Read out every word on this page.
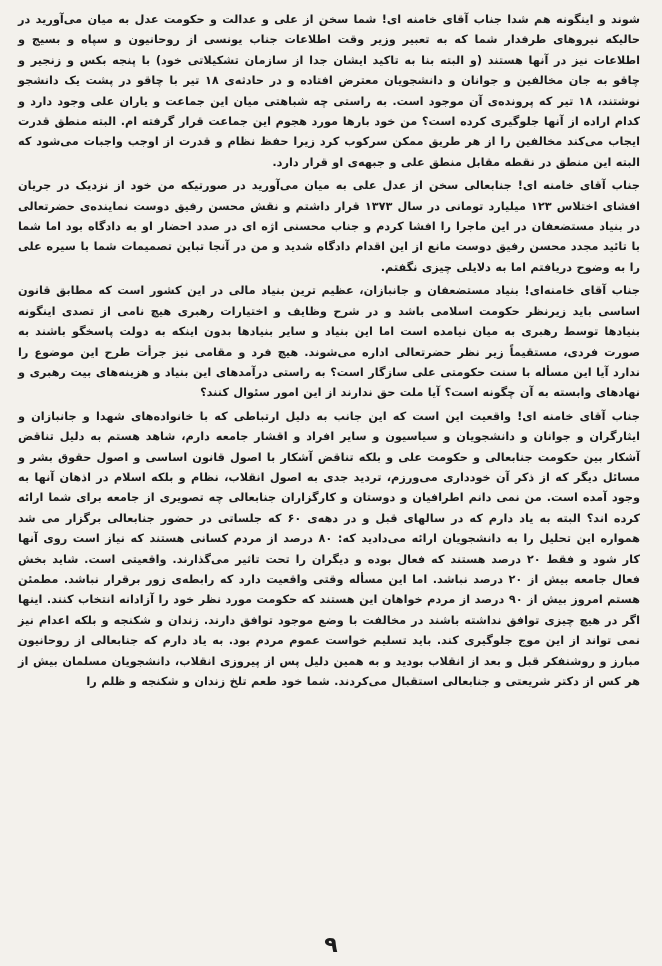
شوند و اینگونه هم شدا جناب آقای خامنه ای! شما سخن از علی و عدالت و حکومت عدل به میان می‌آورید در حالیکه نیروهای طرفدار شما که به تعبیر وزیر وقت اطلاعات جناب یونسی از روحانیون و سپاه و بسیج و اطلاعات نیز در آنها هستند (و البته بنا به تاکید ایشان جدا از سازمان تشکیلاتی خود) با پنجه بکس و زنجیر و چاقو به جان مخالفین و جوانان و دانشجویان معترض افتاده و در حادثه‌ی ۱۸ تیر با چاقو در پشت یک دانشجو نوشتند، ۱۸ تیر که پرونده‌ی آن موجود است. به راستی چه شباهتی میان این جماعت و یاران علی وجود دارد و کدام اراده از آنها جلوگیری کرده است؟ من خود بارها مورد هجوم این جماعت قرار گرفته ام. البته منطق قدرت ایجاب می‌کند مخالفین را از هر طریق ممکن سرکوب کرد زیرا حفظ نظام و قدرت از اوجب واجبات می‌شود که البته این منطق در نقطه مقابل منطق علی و جبهه‌ی او قرار دارد.

جناب آقای خامنه ای! جنابعالی سخن از عدل علی به میان می‌آورید در صورتیکه من خود از نزدیک در جریان افشای اختلاس ۱۲۳ میلیارد تومانی در سال ۱۳۷۳ قرار داشتم و نقش محسن رفیق دوست نماینده‌ی حضرتعالی در بنیاد مستضعفان در این ماجرا را افشا کردم و جناب محسنی اژه ای در صدد احضار او به دادگاه بود اما شما با تائید مجدد محسن رفیق دوست مانع از این اقدام دادگاه شدید و من در آنجا تباین تصمیمات شما با سیره علی را به وضوح دریافتم اما به دلایلی چیزی نگفتم.

جناب آقای خامنه‌ای! بنیاد مستضعفان و جانبازان، عظیم ترین بنیاد مالی در این کشور است که مطابق قانون اساسی باید زیرنظر حکومت اسلامی باشد و در شرح وظایف و اختیارات رهبری هیچ نامی از تصدی اینگونه بنیادها توسط رهبری به میان نیامده است اما این بنیاد و سایر بنیادها بدون اینکه به دولت پاسخگو باشند به صورت فردی، مستقیماً زیر نظر حضرتعالی اداره می‌شوند. هیچ فرد و مقامی نیز جرأت طرح این موضوع را ندارد آیا این مسأله با سنت حکومتی علی سازگار است؟ به راستی درآمدهای این بنیاد و هزینه‌های بیت رهبری و نهادهای وابسته به آن چگونه است؟ آیا ملت حق ندارند از این امور سئوال کنند؟

جناب آقای خامنه ای! واقعیت این است که این جانب به دلیل ارتباطی که با خانواده‌های شهدا و جانبازان و ایثارگران و جوانان و دانشجویان و سیاسیون و سایر افراد و اقشار جامعه دارم، شاهد هستم به دلیل تناقض آشکار بین حکومت جنابعالی و حکومت علی و بلکه تناقض آشکار با اصول قانون اساسی و اصول حقوق بشر و مسائل دیگر که از ذکر آن خودداری می‌ورزم، تردید جدی به اصول انقلاب، نظام و بلکه اسلام در اذهان آنها به وجود آمده است. من نمی دانم اطرافیان و دوستان و کارگزاران جنابعالی چه تصویری از جامعه برای شما ارائه کرده اند؟ البته به یاد دارم که در سالهای قبل و در دهه‌ی ۶۰ که جلساتی در حضور جنابعالی برگزار می شد همواره این تحلیل را به دانشجویان ارائه می‌دادید که: ۸۰ درصد از مردم کسانی هستند که نیاز است روی آنها کار شود و فقط ۲۰ درصد هستند که فعال بوده و دیگران را تحت تاثیر می‌گذارند. واقعیتی است. شاید بخش فعال جامعه بیش از ۲۰ درصد نباشد. اما این مسأله وقتی واقعیت دارد که رابطه‌ی زور برقرار نباشد. مطمئن هستم امروز بیش از ۹۰ درصد از مردم خواهان این هستند که حکومت مورد نظر خود را آزادانه انتخاب کنند. اینها اگر در هیچ چیزی توافق نداشته باشند در مخالفت با وضع موجود توافق دارند. زندان و شکنجه و بلکه اعدام نیز نمی تواند از این موج جلوگیری کند. باید تسلیم خواست عموم مردم بود. به یاد دارم که جنابعالی از روحانیون مبارز و روشنفکر قبل و بعد از انقلاب بودید و به همین دلیل پس از پیروزی انقلاب، دانشجویان مسلمان بیش از هر کس از دکتر شریعتی و جنابعالی استقبال می‌کردند. شما خود طعم تلخ زندان و شکنجه و ظلم را

۹
